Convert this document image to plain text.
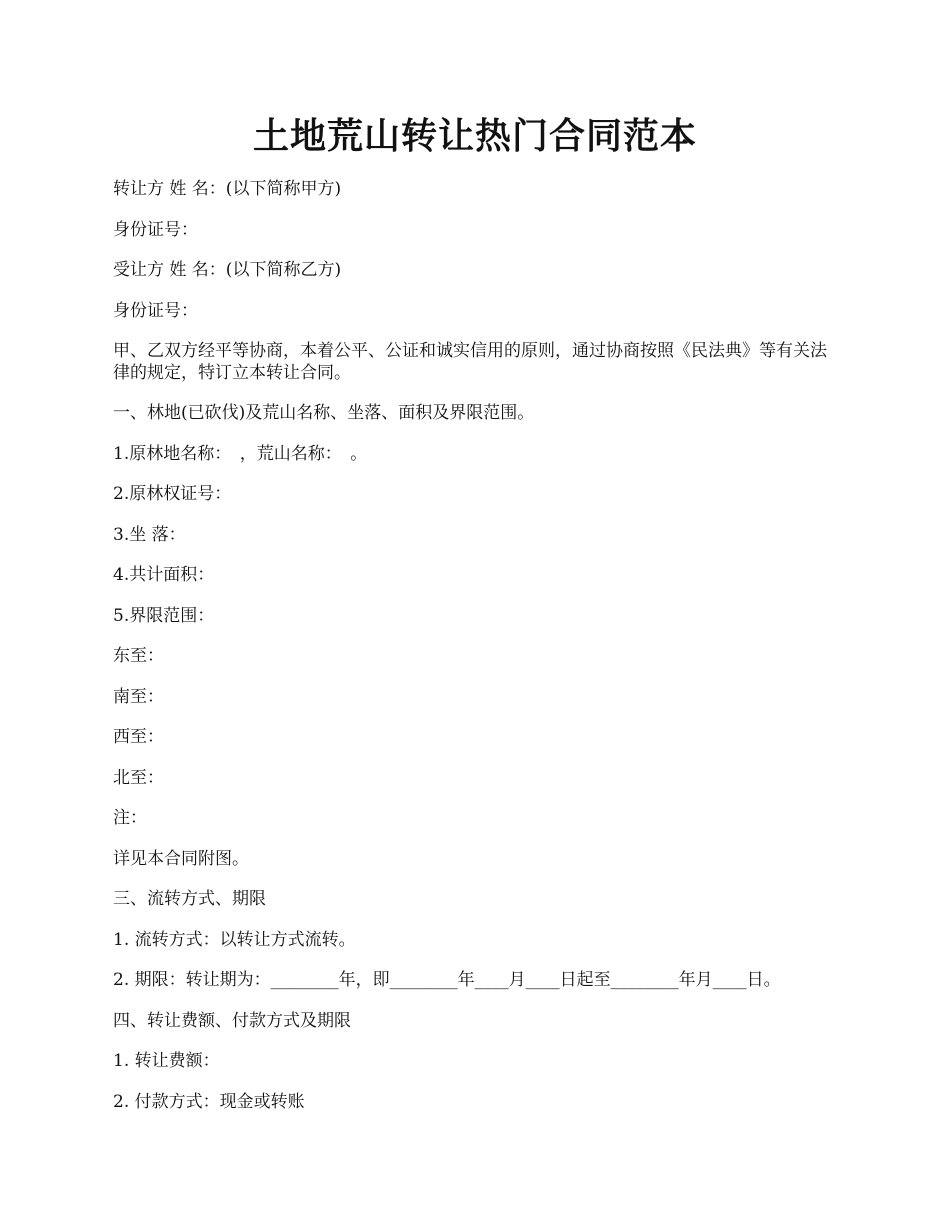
土地荒山转让热门合同范本

转让方 姓 名：(以下简称甲方)

身份证号：

受让方 姓 名：(以下简称乙方)

身份证号：

甲、乙双方经平等协商，本着公平、公证和诚实信用的原则，通过协商按照《民法典》等有关法律的规定，特订立本转让合同。

一、林地(已砍伐)及荒山名称、坐落、面积及界限范围。

1.原林地名称：　，荒山名称：　。

2.原林权证号：

3.坐 落：

4.共计面积：

5.界限范围：

东至：

南至：

西至：

北至：

注：

详见本合同附图。

三、流转方式、期限

1. 流转方式：以转让方式流转。

2. 期限：转让期为：________年，即________年____月____日起至________年月____日。

四、转让费额、付款方式及期限

1. 转让费额：

2. 付款方式：现金或转账
